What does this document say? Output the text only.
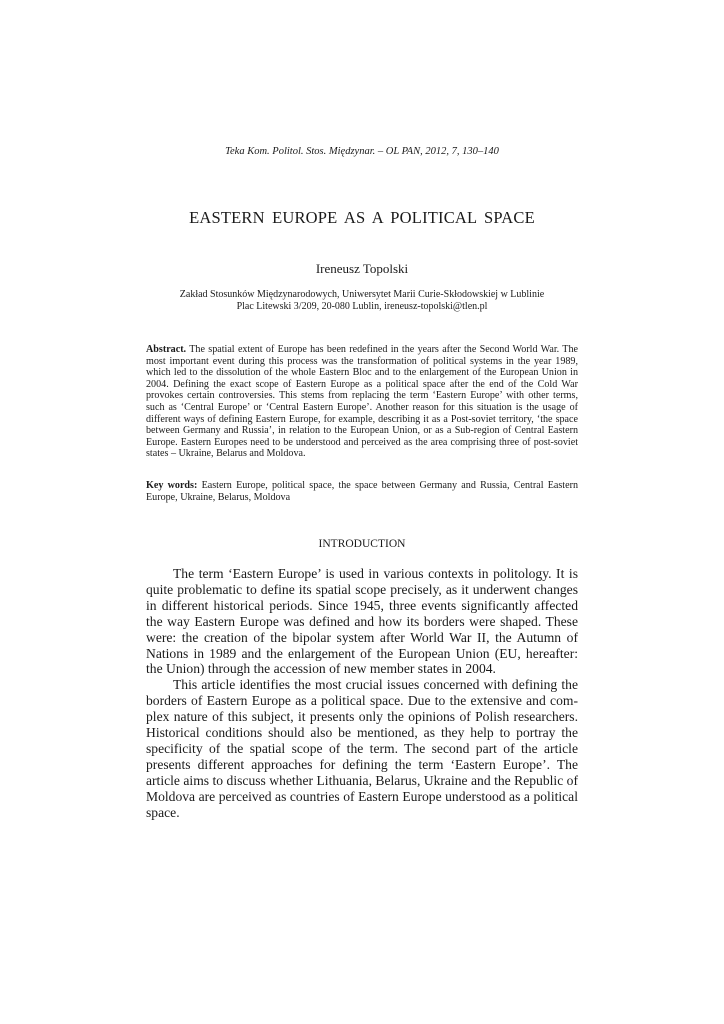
Teka Kom. Politol. Stos. Międzynar. – OL PAN, 2012, 7, 130–140
EASTERN EUROPE AS A POLITICAL SPACE
Ireneusz Topolski
Zakład Stosunków Międzynarodowych, Uniwersytet Marii Curie-Skłodowskiej w Lublinie
Plac Litewski 3/209, 20-080 Lublin, ireneusz-topolski@tlen.pl
Abstract. The spatial extent of Europe has been redefined in the years after the Second World War. The most important event during this process was the transformation of political systems in the year 1989, which led to the dissolution of the whole Eastern Bloc and to the enlargement of the European Union in 2004. Defining the exact scope of Eastern Europe as a political space after the end of the Cold War provokes certain controversies. This stems from replacing the term ‘Eastern Europe’ with other terms, such as ‘Central Europe’ or ‘Central Eastern Europe’. Another reason for this situation is the usage of different ways of defining Eastern Europe, for example, describing it as a Post-soviet territory, ‘the space between Germany and Russia’, in relation to the European Union, or as a Sub-region of Central Eastern Europe. Eastern Europes need to be understood and perceived as the area comprising three of post-soviet states – Ukraine, Belarus and Moldova.
Key words: Eastern Europe, political space, the space between Germany and Russia, Central Eastern Europe, Ukraine, Belarus, Moldova
INTRODUCTION

The term ‘Eastern Europe’ is used in various contexts in politology. It is quite problematic to define its spatial scope precisely, as it underwent changes in different historical periods. Since 1945, three events significantly affected the way Eastern Europe was defined and how its borders were shaped. These were: the creation of the bipolar system after World War II, the Autumn of Nations in 1989 and the enlargement of the European Union (EU, hereafter: the Union) through the accession of new member states in 2004.

This article identifies the most crucial issues concerned with defining the borders of Eastern Europe as a political space. Due to the extensive and complex nature of this subject, it presents only the opinions of Polish researchers. Historical conditions should also be mentioned, as they help to portray the specificity of the spatial scope of the term. The second part of the article presents different approaches for defining the term ‘Eastern Europe’. The article aims to discuss whether Lithuania, Belarus, Ukraine and the Republic of Moldova are perceived as countries of Eastern Europe understood as a political space.
